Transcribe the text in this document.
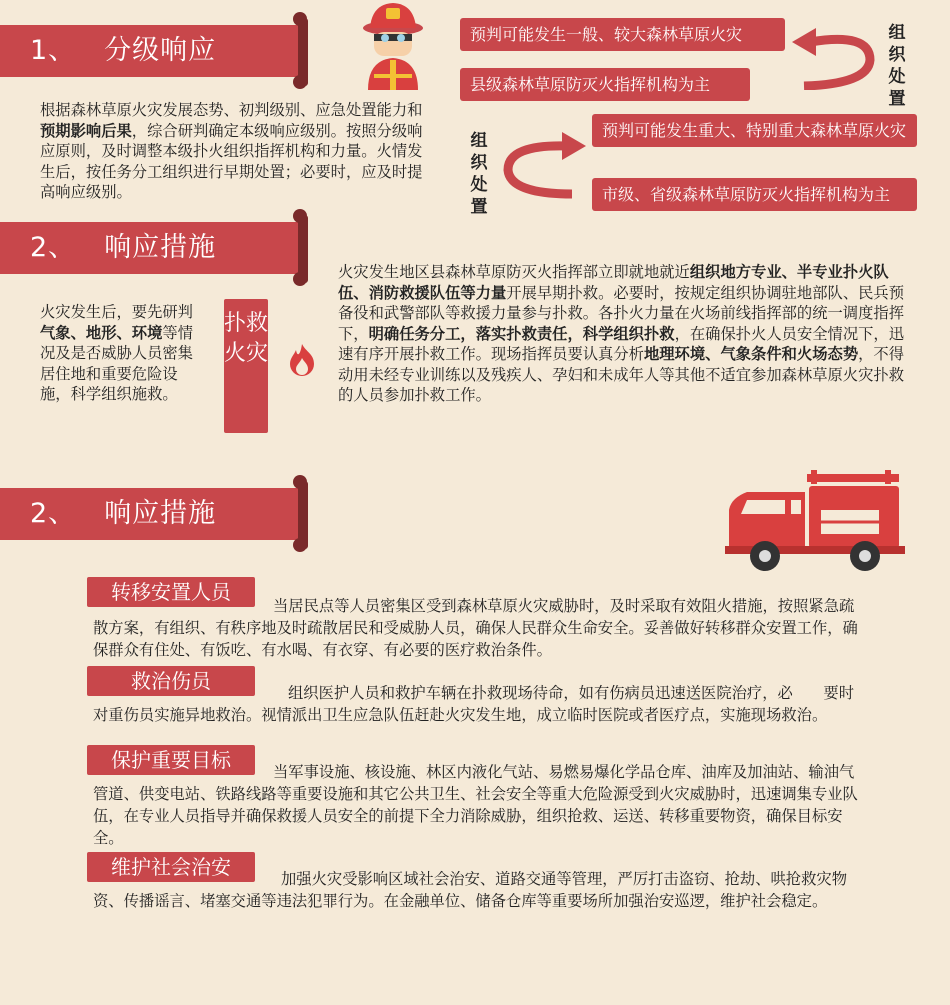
1、 分级响应
根据森林草原火灾发展态势、初判级别、应急处置能力和预期影响后果，综合研判确定本级响应级别。按照分级响应原则，及时调整本级扑火组织指挥机构和力量。火情发生后，按任务分工组织进行早期处置；必要时，应及时提高响应级别。
预判可能发生一般、较大森林草原火灾
县级森林草原防灭火指挥机构为主
组织处置
预判可能发生重大、特别重大森林草原火灾
市级、省级森林草原防灭火指挥机构为主
组织处置
2、 响应措施
火灾发生后，要先研判气象、地形、环境等情况及是否威胁人员密集居住地和重要危险设施，科学组织施救。
扑救火灾
火灾发生地区县森林草原防灭火指挥部立即就地就近组织地方专业、半专业扑火队伍、消防救援队伍等力量开展早期扑救。必要时，按规定组织协调驻地部队、民兵预备役和武警部队等救援力量参与扑救。各扑火力量在火场前线指挥部的统一调度指挥下，明确任务分工，落实扑救责任，科学组织扑救，在确保扑火人员安全情况下，迅速有序开展扑救工作。现场指挥员要认真分析地理环境、气象条件和火场态势，不得动用未经专业训练以及残疾人、孕妇和未成年人等其他不适宜参加森林草原火灾扑救的人员参加扑救工作。
2、 响应措施
转移安置人员
当居民点等人员密集区受到森林草原火灾威胁时，及时采取有效阻火措施，按照紧急疏散方案，有组织、有秩序地及时疏散居民和受威胁人员，确保人民群众生命安全。妥善做好转移群众安置工作，确保群众有住处、有饭吃、有水喝、有衣穿、有必要的医疗救治条件。
救治伤员	组织医护人员和救护车辆在扑救现场待命，如有伤病员迅速送医院治疗，必　　要时对重伤员实施异地救治。视情派出卫生应急队伍赶赴火灾发生地，成立临时医院或者医疗点，实施现场救治。
保护重要目标	当军事设施、核设施、林区内液化气站、易燃易爆化学品仓库、油库及加油站、输油气管道、供变电站、铁路线路等重要设施和其它公共卫生、社会安全等重大危险源受到火灾威胁时，迅速调集专业队伍，在专业人员指导并确保救援人员安全的前提下全力消除威胁，组织抢救、运送、转移重要物资，确保目标安全。
维护社会治安	加强火灾受影响区域社会治安、道路交通等管理，严厉打击盗窃、抢劫、哄抢救灾物资、传播谣言、堵塞交通等违法犯罪行为。在金融单位、储备仓库等重要场所加强治安巡逻，维护社会稳定。
